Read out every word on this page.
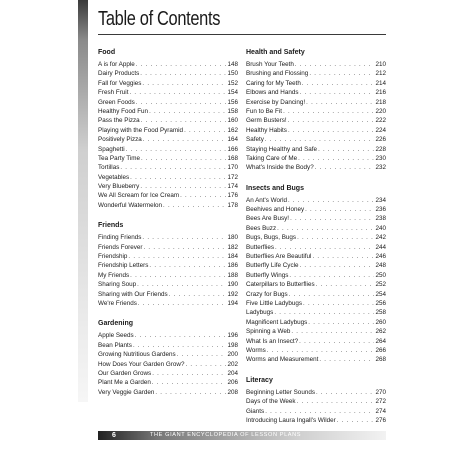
Table of Contents
Food
A is for Apple . . .	148
Dairy Products . . .	150
Fall for Veggies . . .	152
Fresh Fruit . . .	154
Green Foods . . .	156
Healthy Food Fun . . .	158
Pass the Pizza . . .	160
Playing with the Food Pyramid . . .	162
Positively Pizza . . .	164
Spaghetti . . .	166
Tea Party Time . . .	168
Tortillas . . .	170
Vegetables . . .	172
Very Blueberry . . .	174
We All Scream for Ice Cream . . .	176
Wonderful Watermelon . . .	178
Friends
Finding Friends . . .	180
Friends Forever . . .	182
Friendship . . .	184
Friendship Letters . . .	186
My Friends . . .	188
Sharing Soup . . .	190
Sharing with Our Friends . . .	192
We're Friends . . .	194
Gardening
Apple Seeds . . .	196
Bean Plants . . .	198
Growing Nutritious Gardens . . .	200
How Does Your Garden Grow? . . .	202
Our Garden Grows . . .	204
Plant Me a Garden . . .	206
Very Veggie Garden . . .	208
Health and Safety
Brush Your Teeth . . .	210
Brushing and Flossing . . .	212
Caring for My Teeth . . .	214
Elbows and Hands . . .	216
Exercise by Dancing! . . .	218
Fun to Be Fit . . .	220
Germ Busters! . . .	222
Healthy Habits . . .	224
Safety . . .	226
Staying Healthy and Safe . . .	228
Taking Care of Me . . .	230
What's Inside the Body? . . .	232
Insects and Bugs
An Ant's World . . .	234
Beehives and Honey . . .	236
Bees Are Busy! . . .	238
Bees Buzz . . .	240
Bugs, Bugs, Bugs . . .	242
Butterflies . . .	244
Butterflies Are Beautiful . . .	246
Butterfly Life Cycle . . .	248
Butterfly Wings . . .	250
Caterpillars to Butterflies . . .	252
Crazy for Bugs . . .	254
Five Little Ladybugs . . .	256
Ladybugs . . .	258
Magnificent Ladybugs . . .	260
Spinning a Web . . .	262
What Is an Insect? . . .	264
Worms . . .	266
Worms and Measurement . . .	268
Literacy
Beginning Letter Sounds . . .	270
Days of the Week . . .	272
Giants . . .	274
Introducing Laura Ingall's Wilder . . .	276
6	THE GIANT ENCYCLOPEDIA OF LESSON PLANS
